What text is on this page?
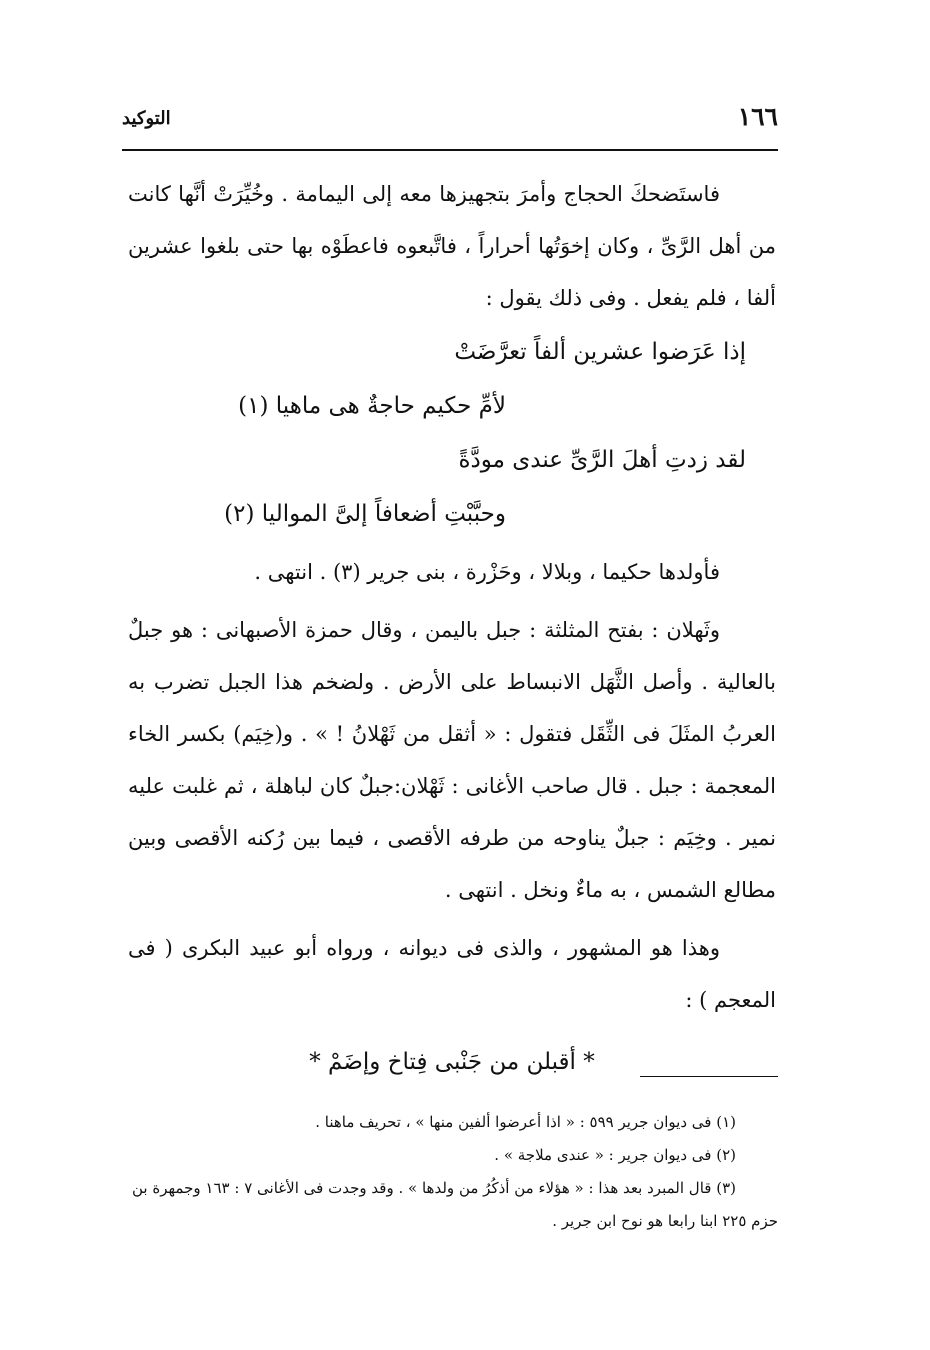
١٦٦
التوكيد

فاستَضحكَ الحجاج وأمرَ بتجهيزها معه إلى اليمامة . وخُيِّرَتْ أنَّها كانت من أهل الرَّىِّ ، وكان إخوَتُها أحراراً ، فاتَّبعوه فاعطَوْه بها حتى بلغوا عشرين ألفا ، فلم يفعل . وفى ذلك يقول :

إذا عَرَضوا عشرين ألفاً تعرَّضَتْ
لأمِّ حكيم حاجةٌ هى ماهيا (١)
لقد زدتِ أهلَ الرَّىِّ عندى مودَّةً
وحبَّبْتِ أضعافاً إلىَّ المواليا (٢)

فأولدها حكيما ، وبلالا ، وحَزْرة ، بنى جرير (٣) . انتهى .

وثَهلان : بفتح المثلثة : جبل باليمن ، وقال حمزة الأصبهانى : هو جبلٌ بالعالية . وأصل الثَّهَل الانبساط على الأرض . ولضخم هذا الجبل تضرب به العربُ المثَلَ فى الثِّقَل فتقول : « أثقل من ثَهْلانُ ! » . و(خِيَم) بكسر الخاء المعجمة : جبل . قال صاحب الأغانى : ثَهْلان:جبلٌ كان لباهلة ، ثم غلبت عليه نمير . وخِيَم : جبلٌ يناوحه من طرفه الأقصى ، فيما بين رُكنه الأقصى وبين مطالع الشمس ، به ماءٌ ونخل . انتهى .

وهذا هو المشهور ، والذى فى ديوانه ، ورواه أبو عبيد البكرى ( فى المعجم ) :

* أقبلن من جَنْبى فِتاخ وإضَمْ *

(١) فى ديوان جرير ٥٩٩ : « اذا أعرضوا ألفين منها » ، تحريف ماهنا .

(٢) فى ديوان جرير : « عندى ملاجة » .

(٣) قال المبرد بعد هذا : « هؤلاء من أذكُرُ من ولدها » . وقد وجدت فى الأغانى ٧ : ١٦٣ وجمهرة بن حزم ٢٢٥ ابنا رابعا هو نوح ابن جرير .
